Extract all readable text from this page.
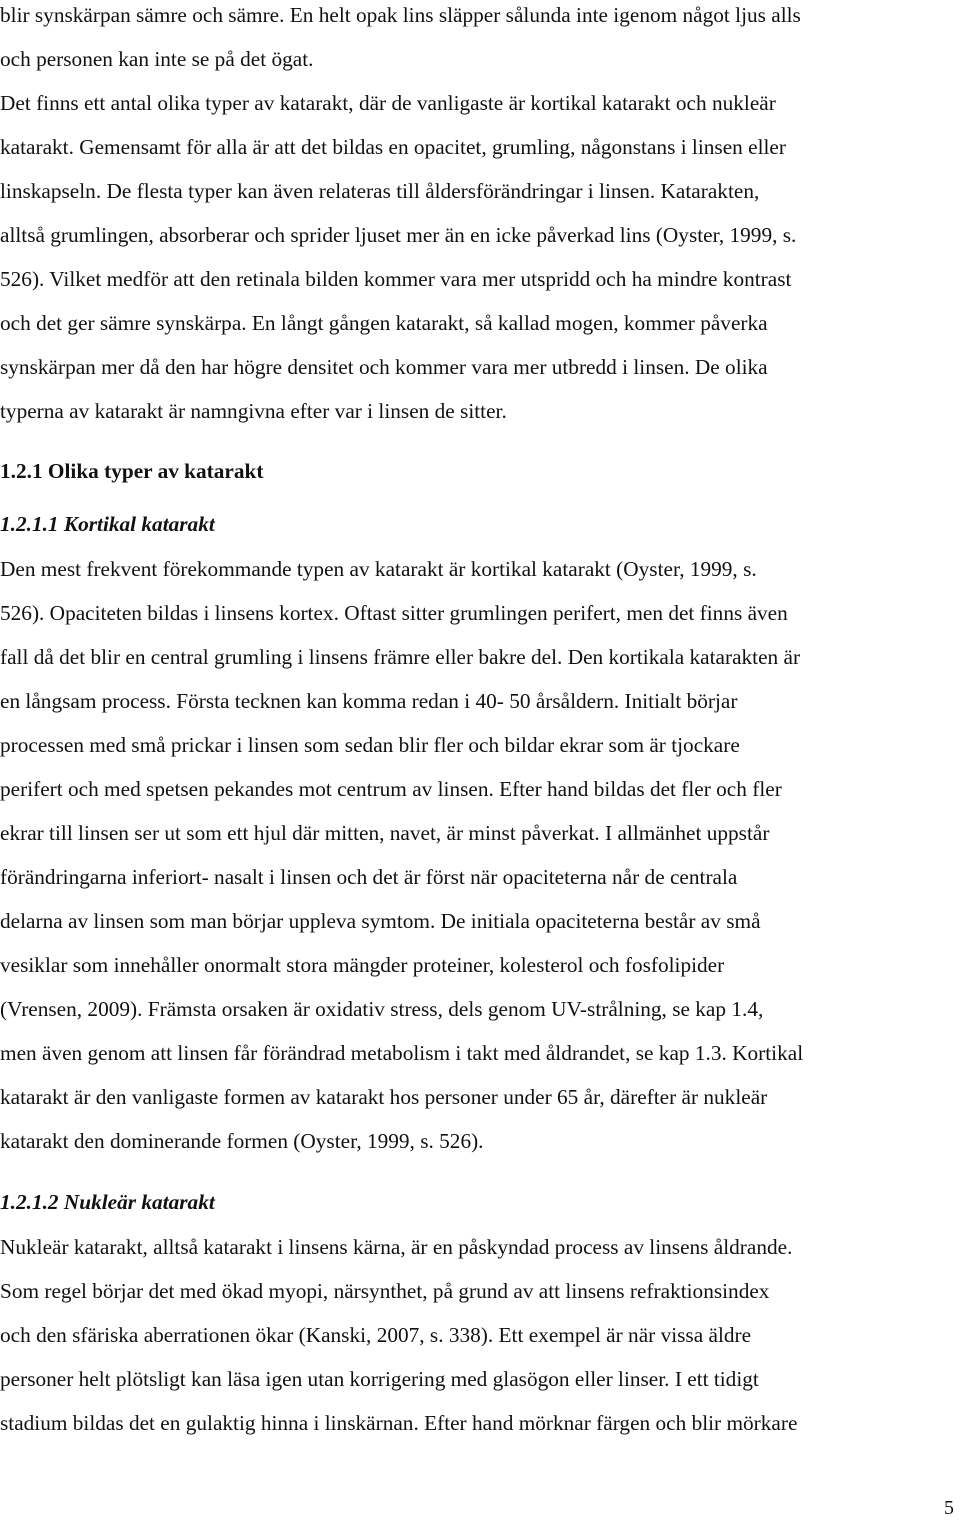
blir synskärpan sämre och sämre. En helt opak lins släpper sålunda inte igenom något ljus alls
och personen kan inte se på det ögat.
Det finns ett antal olika typer av katarakt, där de vanligaste är kortikal katarakt och nukleär
katarakt. Gemensamt för alla är att det bildas en opacitet, grumling, någonstans i linsen eller
linskapseln. De flesta typer kan även relateras till åldersförändringar i linsen. Katarakten,
alltså grumlingen, absorberar och sprider ljuset mer än en icke påverkad lins (Oyster, 1999, s.
526). Vilket medför att den retinala bilden kommer vara mer utspridd och ha mindre kontrast
och det ger sämre synskärpa. En långt gången katarakt, så kallad mogen, kommer påverka
synskärpan mer då den har högre densitet och kommer vara mer utbredd i linsen. De olika
typerna av katarakt är namngivna efter var i linsen de sitter.
1.2.1 Olika typer av katarakt
1.2.1.1 Kortikal katarakt
Den mest frekvent förekommande typen av katarakt är kortikal katarakt (Oyster, 1999, s.
526). Opaciteten bildas i linsens kortex. Oftast sitter grumlingen perifert, men det finns även
fall då det blir en central grumling i linsens främre eller bakre del. Den kortikala katarakten är
en långsam process. Första tecknen kan komma redan i 40- 50 årsåldern. Initialt börjar
processen med små prickar i linsen som sedan blir fler och bildar ekrar som är tjockare
perifert och med spetsen pekandes mot centrum av linsen. Efter hand bildas det fler och fler
ekrar till linsen ser ut som ett hjul där mitten, navet, är minst påverkat. I allmänhet uppstår
förändringarna inferiort- nasalt i linsen och det är först när opaciteterna når de centrala
delarna av linsen som man börjar uppleva symtom. De initiala opaciteterna består av små
vesiklar som innehåller onormalt stora mängder proteiner, kolesterol och fosfolipider
(Vrensen, 2009). Främsta orsaken är oxidativ stress, dels genom UV-strålning, se kap 1.4,
men även genom att linsen får förändrad metabolism i takt med åldrandet, se kap 1.3. Kortikal
katarakt är den vanligaste formen av katarakt hos personer under 65 år, därefter är nukleär
katarakt den dominerande formen (Oyster, 1999, s. 526).
1.2.1.2 Nukleär katarakt
Nukleär katarakt, alltså katarakt i linsens kärna, är en påskyndad process av linsens åldrande.
Som regel börjar det med ökad myopi, närsynthet, på grund av att linsens refraktionsindex
och den sfäriska aberrationen ökar (Kanski, 2007, s. 338). Ett exempel är när vissa äldre
personer helt plötsligt kan läsa igen utan korrigering med glasögon eller linser. I ett tidigt
stadium bildas det en gulaktig hinna i linskärnan. Efter hand mörknar färgen och blir mörkare
5
